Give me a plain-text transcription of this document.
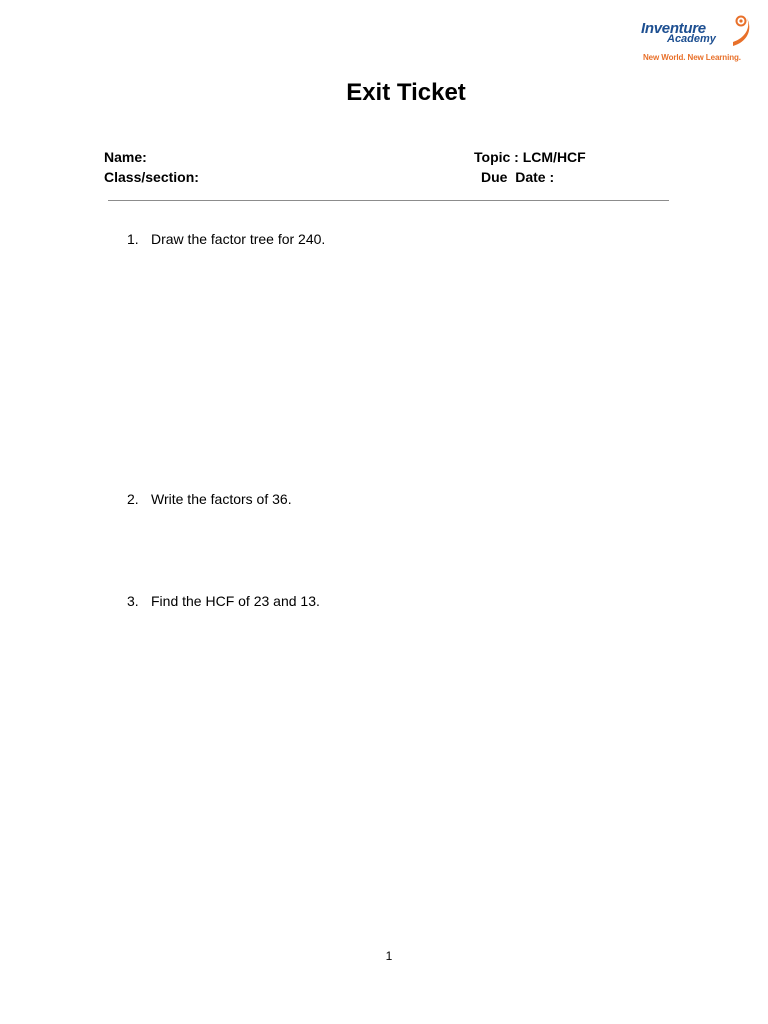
Inventure
Academy
New World. New Learning.
Exit Ticket
Name:
Class/section:
Topic : LCM/HCF
Due  Date :
1. Draw the factor tree for 240.
2. Write the factors of 36.
3. Find the HCF of 23 and 13.
1
